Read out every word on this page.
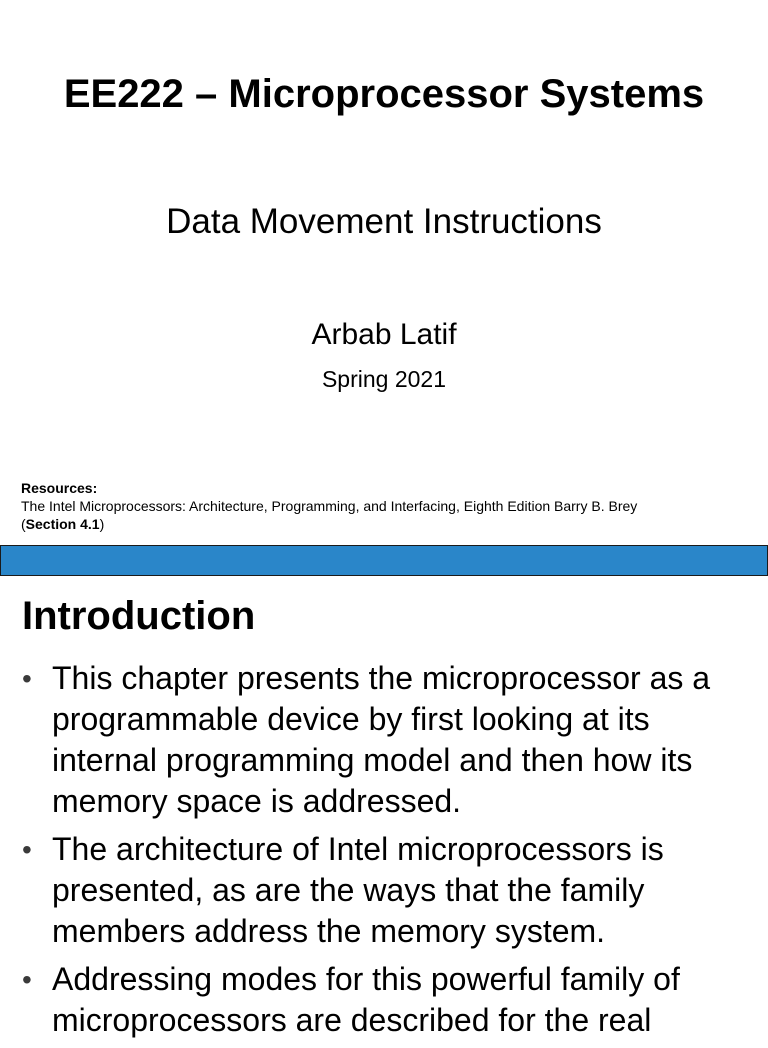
EE222 – Microprocessor Systems
Data Movement Instructions
Arbab Latif
Spring 2021
Resources:
The Intel Microprocessors: Architecture, Programming, and Interfacing, Eighth Edition Barry B. Brey
(Section 4.1)
Introduction
• This chapter presents the microprocessor as a programmable device by first looking at its internal programming model and then how its memory space is addressed.
• The architecture of Intel microprocessors is presented, as are the ways that the family members address the memory system.
• Addressing modes for this powerful family of microprocessors are described for the real
